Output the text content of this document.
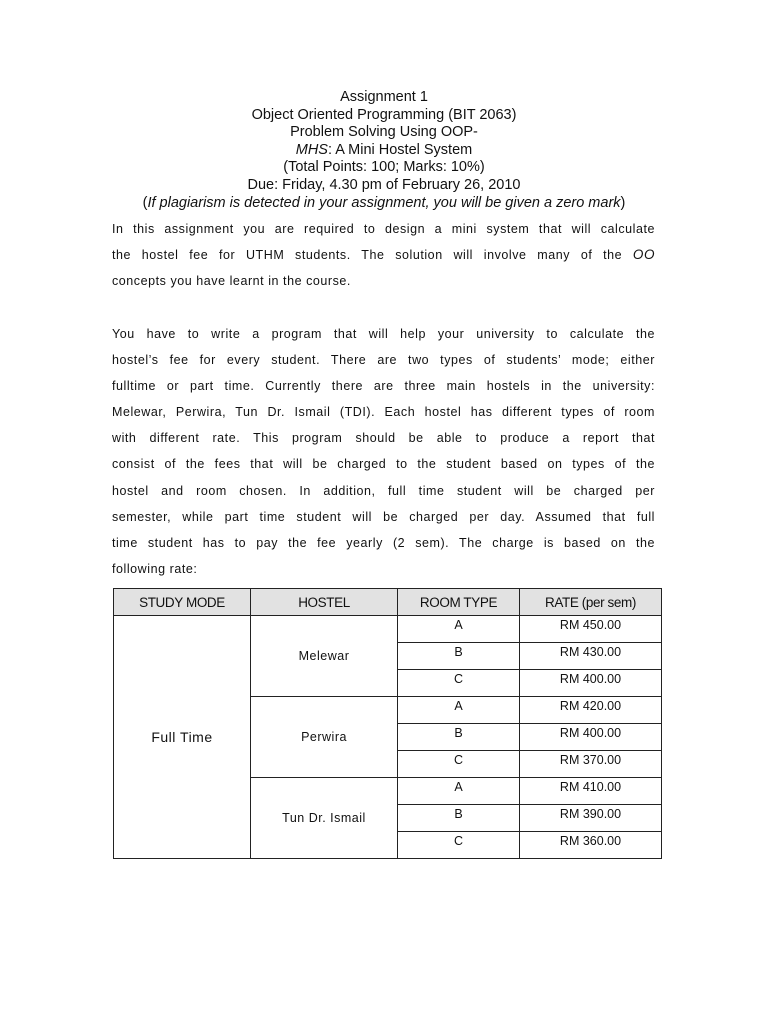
Assignment 1
Object Oriented Programming (BIT 2063)
Problem Solving Using OOP-
MHS: A Mini Hostel System
(Total Points: 100; Marks: 10%)
Due: Friday, 4.30 pm of February 26, 2010
(If plagiarism is detected in your assignment, you will be given a zero mark)
In this assignment you are required to design a mini system that will calculate
the hostel fee for UTHM students. The solution will involve many of the OO
concepts you have learnt in the course.
You have to write a program that will help your university to calculate the
hostel’s fee for every student. There are two types of students’ mode; either
fulltime or part time. Currently there are three main hostels in the university:
Melewar, Perwira, Tun Dr. Ismail (TDI). Each hostel has different types of room
with different rate. This program should be able to produce a report that
consist of the fees that will be charged to the student based on types of the
hostel and room chosen. In addition, full time student will be charged per
semester, while part time student will be charged per day. Assumed that full
time student has to pay the fee yearly (2 sem). The charge is based on the
following rate:
STUDY MODE	HOSTEL	ROOM TYPE	RATE (per sem)
Full Time	Melewar	A	RM 450.00
		B	RM 430.00
		C	RM 400.00
	Perwira	A	RM 420.00
		B	RM 400.00
		C	RM 370.00
	Tun Dr. Ismail	A	RM 410.00
		B	RM 390.00
		C	RM 360.00
